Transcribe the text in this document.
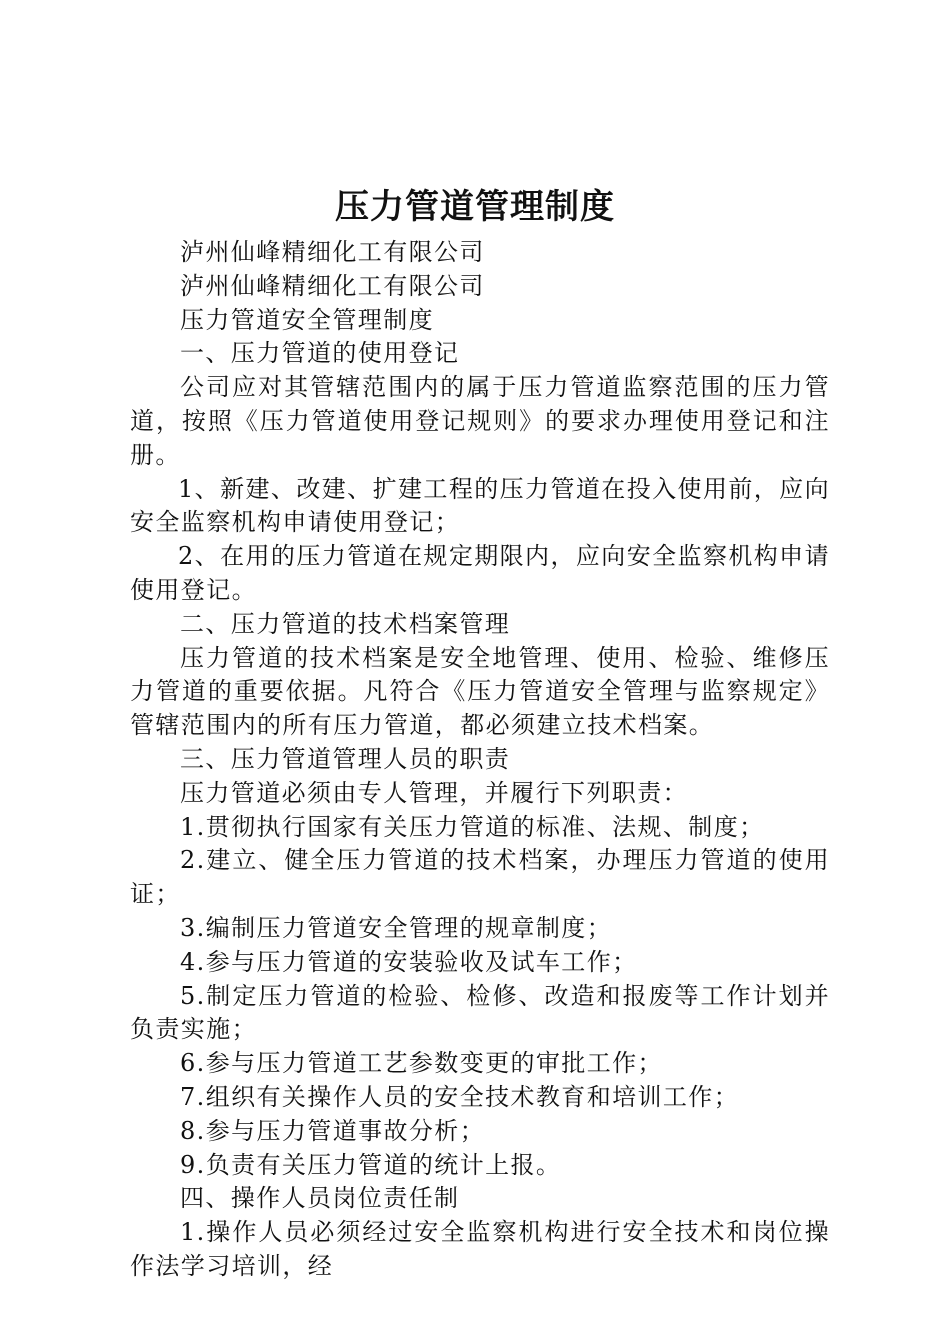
压力管道管理制度

泸州仙峰精细化工有限公司

泸州仙峰精细化工有限公司

压力管道安全管理制度

一、压力管道的使用登记

公司应对其管辖范围内的属于压力管道监察范围的压力管道，按照《压力管道使用登记规则》的要求办理使用登记和注册。

1、新建、改建、扩建工程的压力管道在投入使用前，应向安全监察机构申请使用登记；

2、在用的压力管道在规定期限内，应向安全监察机构申请使用登记。

二、压力管道的技术档案管理

压力管道的技术档案是安全地管理、使用、检验、维修压力管道的重要依据。凡符合《压力管道安全管理与监察规定》管辖范围内的所有压力管道，都必须建立技术档案。

三、压力管道管理人员的职责

压力管道必须由专人管理，并履行下列职责：

1.贯彻执行国家有关压力管道的标准、法规、制度；

2.建立、健全压力管道的技术档案，办理压力管道的使用证；

3.编制压力管道安全管理的规章制度；

4.参与压力管道的安装验收及试车工作；

5.制定压力管道的检验、检修、改造和报废等工作计划并负责实施；

6.参与压力管道工艺参数变更的审批工作；

7.组织有关操作人员的安全技术教育和培训工作；

8.参与压力管道事故分析；

9.负责有关压力管道的统计上报。

四、操作人员岗位责任制

1.操作人员必须经过安全监察机构进行安全技术和岗位操作法学习培训，经
